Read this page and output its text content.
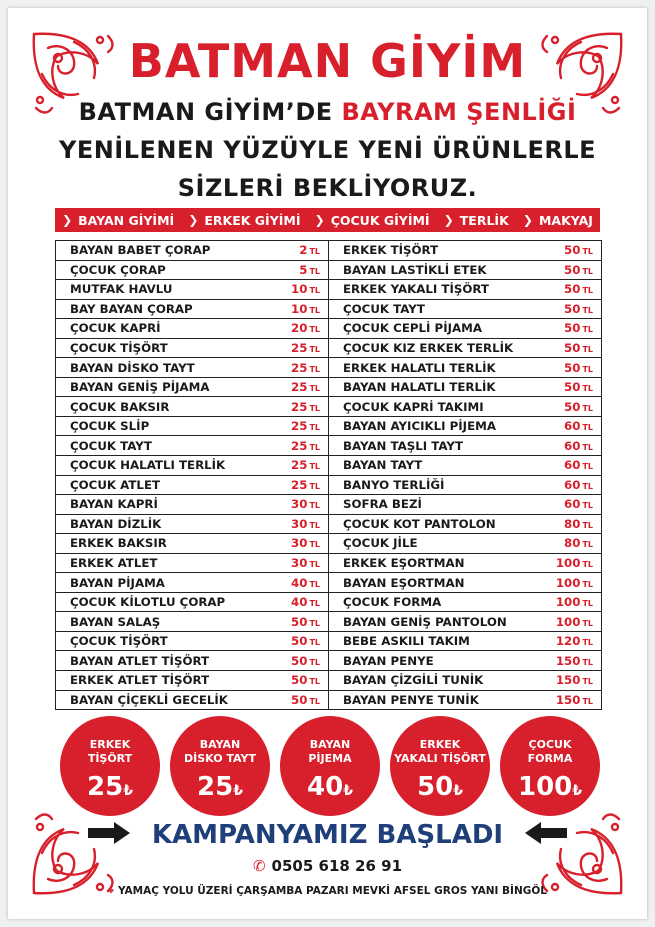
BATMAN GİYİM
BATMAN GİYİM’DE BAYRAM ŞENLİĞİ
YENİLENEN YÜZÜYLE YENİ ÜRÜNLERLE
SİZLERİ BEKLİYORUZ.
❯ BAYAN GİYİMİ ❯ ERKEK GİYİMİ ❯ ÇOCUK GİYİMİ ❯ TERLİK ❯ MAKYAJ
BAYAN BABET ÇORAP	2 TL
ÇOCUK ÇORAP	5 TL
MUTFAK HAVLU	10 TL
BAY BAYAN ÇORAP	10 TL
ÇOCUK KAPRİ	20 TL
ÇOCUK TİŞÖRT	25 TL
BAYAN DİSKO TAYT	25 TL
BAYAN GENİŞ PİJAMA	25 TL
ÇOCUK BAKSIR	25 TL
ÇOCUK SLİP	25 TL
ÇOCUK TAYT	25 TL
ÇOCUK HALATLI TERLİK	25 TL
ÇOCUK ATLET	25 TL
BAYAN KAPRİ	30 TL
BAYAN DİZLİK	30 TL
ERKEK BAKSIR	30 TL
ERKEK ATLET	30 TL
BAYAN PİJAMA	40 TL
ÇOCUK KİLOTLU ÇORAP	40 TL
BAYAN SALAŞ	50 TL
ÇOCUK TİŞÖRT	50 TL
BAYAN ATLET TİŞÖRT	50 TL
ERKEK ATLET TİŞÖRT	50 TL
BAYAN ÇİÇEKLİ GECELİK	50 TL
ERKEK TİŞÖRT	50 TL
BAYAN LASTİKLİ ETEK	50 TL
ERKEK YAKALI TİŞÖRT	50 TL
ÇOCUK TAYT	50 TL
ÇOCUK CEPLİ PİJAMA	50 TL
ÇOCUK KIZ ERKEK TERLİK	50 TL
ERKEK HALATLI TERLİK	50 TL
BAYAN HALATLI TERLİK	50 TL
ÇOCUK KAPRİ TAKIMI	50 TL
BAYAN AYICIKLI PİJEMA	60 TL
BAYAN TAŞLI TAYT	60 TL
BAYAN TAYT	60 TL
BANYO TERLİĞİ	60 TL
SOFRA BEZİ	60 TL
ÇOCUK KOT PANTOLON	80 TL
ÇOCUK JİLE	80 TL
ERKEK EŞORTMAN	100 TL
BAYAN EŞORTMAN	100 TL
ÇOCUK FORMA	100 TL
BAYAN GENİŞ PANTOLON	100 TL
BEBE ASKILI TAKIM	120 TL
BAYAN PENYE	150 TL
BAYAN ÇİZGİLİ TUNİK	150 TL
BAYAN PENYE TUNİK	150 TL
ERKEK
TİŞÖRT
25₺
BAYAN
DİSKO TAYT
25₺
BAYAN
PİJEMA
40₺
ERKEK
YAKALI TİŞÖRT
50₺
ÇOCUK
FORMA
100₺
KAMPANYAMIZ BAŞLADI
✆ 0505 618 26 91
⌖ YAMAÇ YOLU ÜZERİ ÇARŞAMBA PAZARI MEVKİ AFSEL GROS YANI BİNGÖL
